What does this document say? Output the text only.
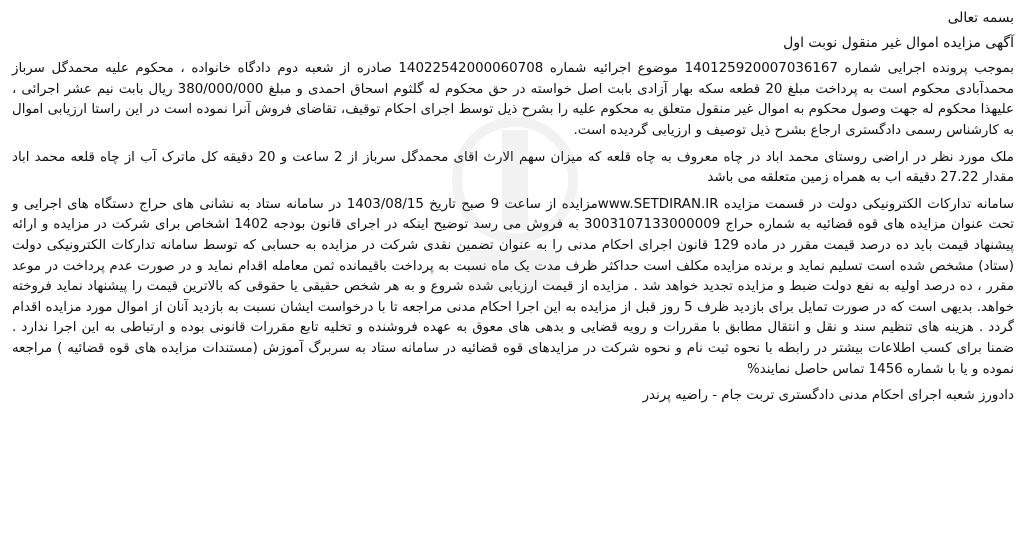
بسمه تعالی

آگهی مزایده اموال غیر منقول نوبت اول

بموجب پرونده اجرایی شماره 140125920007036167 موضوع اجرائیه شماره 14022542000060708 صادره از شعبه دوم دادگاه خانواده ، محکوم علیه محمدگل سرباز محمدآبادی محکوم است به پرداخت مبلغ 20 قطعه سکه بهار آزادی بابت اصل خواسته در حق محکوم له گلثوم اسحاق احمدی و مبلغ 380/000/000 ریال بابت نیم عشر اجرائی ، علیهذا محکوم له جهت وصول محکوم به اموال غیر منقول متعلق به محکوم علیه را بشرح ذیل توسط اجرای احکام توقیف، تقاضای فروش آنرا نموده است در این راستا ارزیابی اموال به کارشناس رسمی دادگستری ارجاع بشرح ذیل توصیف و ارزیابی گردیده است.

ملک مورد نظر در اراضی روستای محمد اباد در چاه معروف به چاه قلعه که میزان سهم الارث اقای محمدگل سرباز از 2 ساعت و 20 دقیقه کل ماترک آب از چاه قلعه محمد اباد مقدار 27.22 دقیقه اب به همراه زمین متعلقه می باشد

سامانه تدارکات الکترونیکی دولت در قسمت مزایده www.SETDIRAN.IRمزایده از ساعت 9 صبح تاریخ 1403/08/15 در سامانه ستاد به نشانی های حراج دستگاه های اجرایی و تحت عنوان مزایده های قوه قضائیه به شماره حراج 3003107133000009 به فروش می رسد توضیح اینکه در اجرای قانون بودجه 1402 اشخاص برای شرکت در مزایده و ارائه پیشنهاد قیمت باید ده درصد قیمت مقرر در ماده 129 قانون اجرای احکام مدنی را به عنوان تضمین نقدی شرکت در مزایده به حسابی که توسط سامانه تدارکات الکترونیکی دولت (ستاد) مشخص شده است تسلیم نماید و برنده مزایده مکلف است حداکثر ظرف مدت یک ماه نسبت به پرداخت باقیمانده ثمن معامله اقدام نماید و در صورت عدم پرداخت در موعد مقرر ، ده درصد اولیه به نفع دولت ضبط و مزایده تجدید خواهد شد . مزایده از قیمت ارزیابی شده شروع و به هر شخص حقیقی یا حقوقی که بالاترین قیمت را پیشنهاد نماید فروخته خواهد. بدیهی است که در صورت تمایل برای بازدید ظرف 5 روز قبل از مزایده به این اجرا احکام مدنی مراجعه تا با درخواست ایشان نسبت به بازدید آنان از اموال مورد مزایده اقدام گردد . هزینه های تنظیم سند و نقل و انتقال مطابق با مقررات و رویه قضایی و بدهی های معوق به عهده فروشنده و تخلیه تابع مقررات قانونی بوده و ارتباطی به این اجرا ندارد . ضمنا برای کسب اطلاعات بیشتر در رابطه با نحوه ثبت نام و نحوه شرکت در مزایدهای قوه قضائیه در سامانه ستاد به سربرگ آموزش (مستندات مزایده های قوه قضائیه ) مراجعه نموده و یا با شماره 1456 تماس حاصل نمایند%

دادورز شعبه اجرای احکام مدنی دادگستری تربت جام - راضیه پرندر
